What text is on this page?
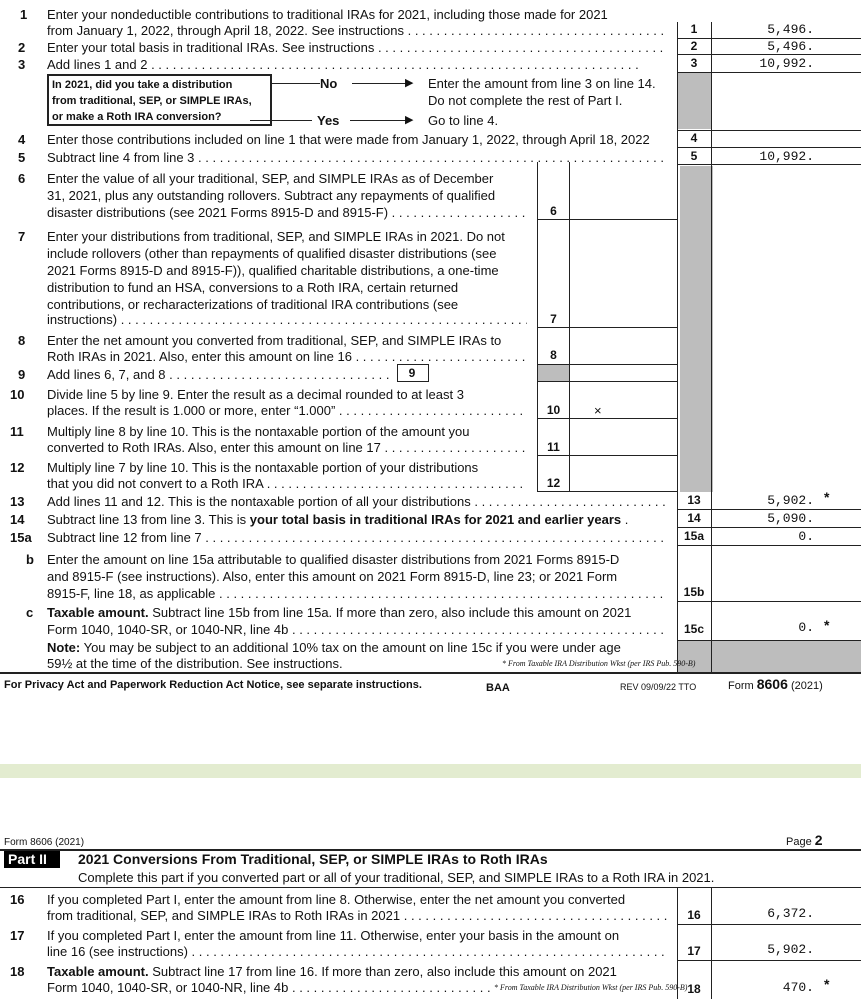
1 Enter your nondeductible contributions to traditional IRAs for 2021, including those made for 2021
from January 1, 2022, through April 18, 2022. See instructions . . .	1	5,496.
2 Enter your total basis in traditional IRAs. See instructions . . .	2	5,496.
3 Add lines 1 and 2 . . .	3	10,992.
In 2021, did you take a distribution
from traditional, SEP, or SIMPLE IRAs,
or make a Roth IRA conversion?
No	▶ Enter the amount from line 3 on line 14.
Do not complete the rest of Part I.
Yes	▶ Go to line 4.
4 Enter those contributions included on line 1 that were made from January 1, 2022, through April 18, 2022	4
5 Subtract line 4 from line 3 . . .	5	10,992.
6 Enter the value of all your traditional, SEP, and SIMPLE IRAs as of December
31, 2021, plus any outstanding rollovers. Subtract any repayments of qualified
disaster distributions (see 2021 Forms 8915-D and 8915-F) . . .	6
7 Enter your distributions from traditional, SEP, and SIMPLE IRAs in 2021. Do not
include rollovers (other than repayments of qualified disaster distributions (see
2021 Forms 8915-D and 8915-F)), qualified charitable distributions, a one-time
distribution to fund an HSA, conversions to a Roth IRA, certain returned
contributions, or recharacterizations of traditional IRA contributions (see
instructions) . . .	7
8 Enter the net amount you converted from traditional, SEP, and SIMPLE IRAs to
Roth IRAs in 2021. Also, enter this amount on line 16 . . .	8
9 Add lines 6, 7, and 8 . . .	9
10 Divide line 5 by line 9. Enter the result as a decimal rounded to at least 3
places. If the result is 1.000 or more, enter “1.000” . . .	10	×
11 Multiply line 8 by line 10. This is the nontaxable portion of the amount you
converted to Roth IRAs. Also, enter this amount on line 17 . . .	11
12 Multiply line 7 by line 10. This is the nontaxable portion of your distributions
that you did not convert to a Roth IRA . . .	12
13 Add lines 11 and 12. This is the nontaxable portion of all your distributions . . .	13	5,902. *
14 Subtract line 13 from line 3. This is your total basis in traditional IRAs for 2021 and earlier years .	14	5,090.
15a Subtract line 12 from line 7 . . .	15a	0.
b Enter the amount on line 15a attributable to qualified disaster distributions from 2021 Forms 8915-D
and 8915-F (see instructions). Also, enter this amount on 2021 Form 8915-D, line 23; or 2021 Form
8915-F, line 18, as applicable . . .	15b
c Taxable amount. Subtract line 15b from line 15a. If more than zero, also include this amount on 2021
Form 1040, 1040-SR, or 1040-NR, line 4b . . .	15c	0. *
Note: You may be subject to an additional 10% tax on the amount on line 15c if you were under age
59½ at the time of the distribution. See instructions.	* From Taxable IRA Distribution Wkst (per IRS Pub. 590-B)
For Privacy Act and Paperwork Reduction Act Notice, see separate instructions.	BAA	REV 09/09/22 TTO	Form 8606 (2021)
Form 8606 (2021)	Page 2
Part II 2021 Conversions From Traditional, SEP, or SIMPLE IRAs to Roth IRAs
Complete this part if you converted part or all of your traditional, SEP, and SIMPLE IRAs to a Roth IRA in 2021.
16 If you completed Part I, enter the amount from line 8. Otherwise, enter the net amount you converted
from traditional, SEP, and SIMPLE IRAs to Roth IRAs in 2021 . . .	16	6,372.
17 If you completed Part I, enter the amount from line 11. Otherwise, enter your basis in the amount on
line 16 (see instructions) . . .	17	5,902.
18 Taxable amount. Subtract line 17 from line 16. If more than zero, also include this amount on 2021
Form 1040, 1040-SR, or 1040-NR, line 4b . . .	* From Taxable IRA Distribution Wkst (per IRS Pub. 590-B) 18	470. *
